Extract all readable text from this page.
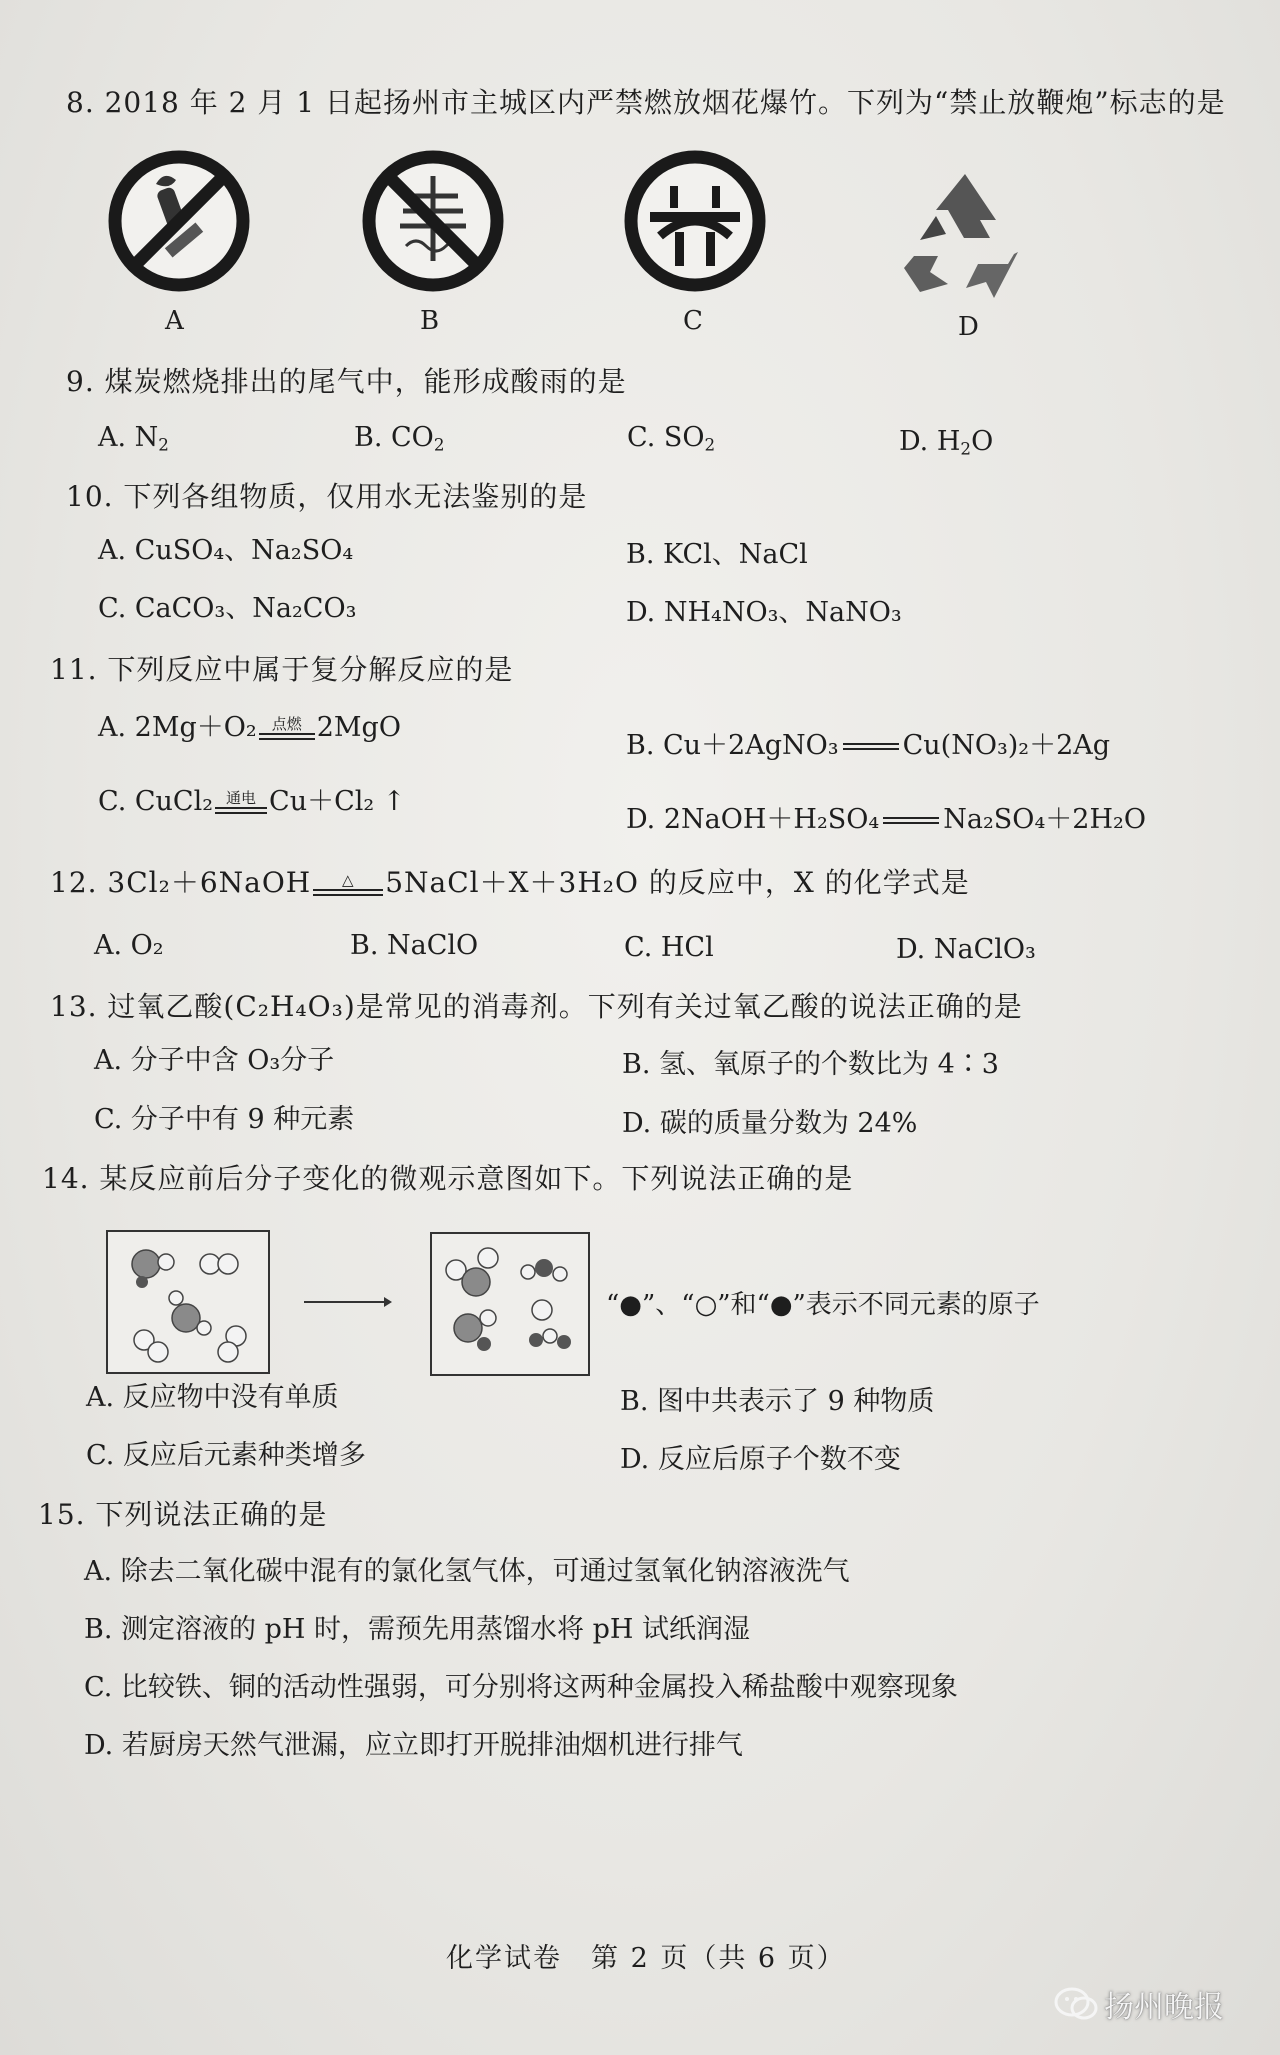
8. 2018 年 2 月 1 日起扬州市主城区内严禁燃放烟花爆竹。下列为“禁止放鞭炮”标志的是
A	B	C	D
9. 煤炭燃烧排出的尾气中，能形成酸雨的是
A. $N_2$	B. $CO_2$	C. $SO_2$	D. $H_2O$
10. 下列各组物质，仅用水无法鉴别的是
A. CuSO₄、Na₂SO₄	B. KCl、NaCl
C. CaCO₃、Na₂CO₃	D. NH₄NO₃、NaNO₃
11. 下列反应中属于复分解反应的是
A. 2Mg＋O₂ 点燃 2MgO
B. Cu＋2AgNO₃ Cu(NO₃)₂＋2Ag
C. CuCl₂ 通电 Cu＋Cl₂ ↑
D. 2NaOH＋H₂SO₄ Na₂SO₄＋2H₂O
12. 3Cl₂＋6NaOH	△	5NaCl＋X＋3H₂O 的反应中，X 的化学式是
A. O₂	B. NaClO	C. HCl	D. NaClO₃
13. 过氧乙酸(C₂H₄O₃)是常见的消毒剂。下列有关过氧乙酸的说法正确的是
A. 分子中含 O₃分子	B. 氢、氧原子的个数比为 4∶3
C. 分子中有 9 种元素	D. 碳的质量分数为 24%
14. 某反应前后分子变化的微观示意图如下。下列说法正确的是
“●”、“○”和“●”表示不同元素的原子
A. 反应物中没有单质	B. 图中共表示了 9 种物质
C. 反应后元素种类增多	D. 反应后原子个数不变
15. 下列说法正确的是
A. 除去二氧化碳中混有的氯化氢气体，可通过氢氧化钠溶液洗气
B. 测定溶液的 pH 时，需预先用蒸馏水将 pH 试纸润湿
C. 比较铁、铜的活动性强弱，可分别将这两种金属投入稀盐酸中观察现象
D. 若厨房天然气泄漏，应立即打开脱排油烟机进行排气
化学试卷　第 2 页（共 6 页）
扬州晚报
